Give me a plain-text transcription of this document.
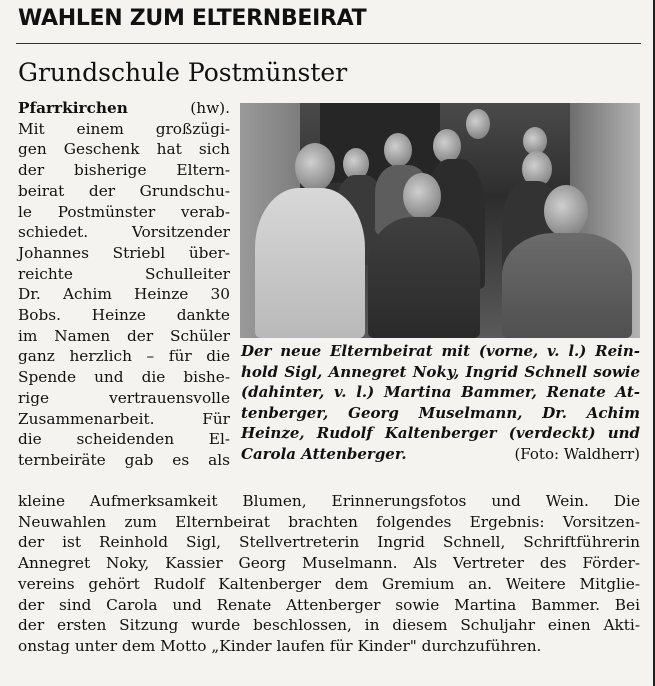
WAHLEN ZUM ELTERNBEIRAT
Grundschule Postmünster
Pfarrkirchen (hw).
Mit einem großzügi-
gen Geschenk hat sich
der bisherige Eltern-
beirat der Grundschu-
le Postmünster verab-
schiedet. Vorsitzender
Johannes Striebl über-
reichte Schulleiter
Dr. Achim Heinze 30
Bobs. Heinze dankte
im Namen der Schüler
ganz herzlich – für die
Spende und die bishe-
rige vertrauensvolle
Zusammenarbeit. Für
die scheidenden El-
ternbeiräte gab es als
Der neue Elternbeirat mit (vorne, v. l.) Rein-
hold Sigl, Annegret Noky, Ingrid Schnell sowie
(dahinter, v. l.) Martina Bammer, Renate At-
tenberger, Georg Muselmann, Dr. Achim
Heinze, Rudolf Kaltenberger (verdeckt) und
Carola Attenberger.	(Foto: Waldherr)
kleine Aufmerksamkeit Blumen, Erinnerungsfotos und Wein. Die
Neuwahlen zum Elternbeirat brachten folgendes Ergebnis: Vorsitzen-
der ist Reinhold Sigl, Stellvertreterin Ingrid Schnell, Schriftführerin
Annegret Noky, Kassier Georg Muselmann. Als Vertreter des Förder-
vereins gehört Rudolf Kaltenberger dem Gremium an. Weitere Mitglie-
der sind Carola und Renate Attenberger sowie Martina Bammer. Bei
der ersten Sitzung wurde beschlossen, in diesem Schuljahr einen Akti-
onstag unter dem Motto „Kinder laufen für Kinder" durchzuführen.
